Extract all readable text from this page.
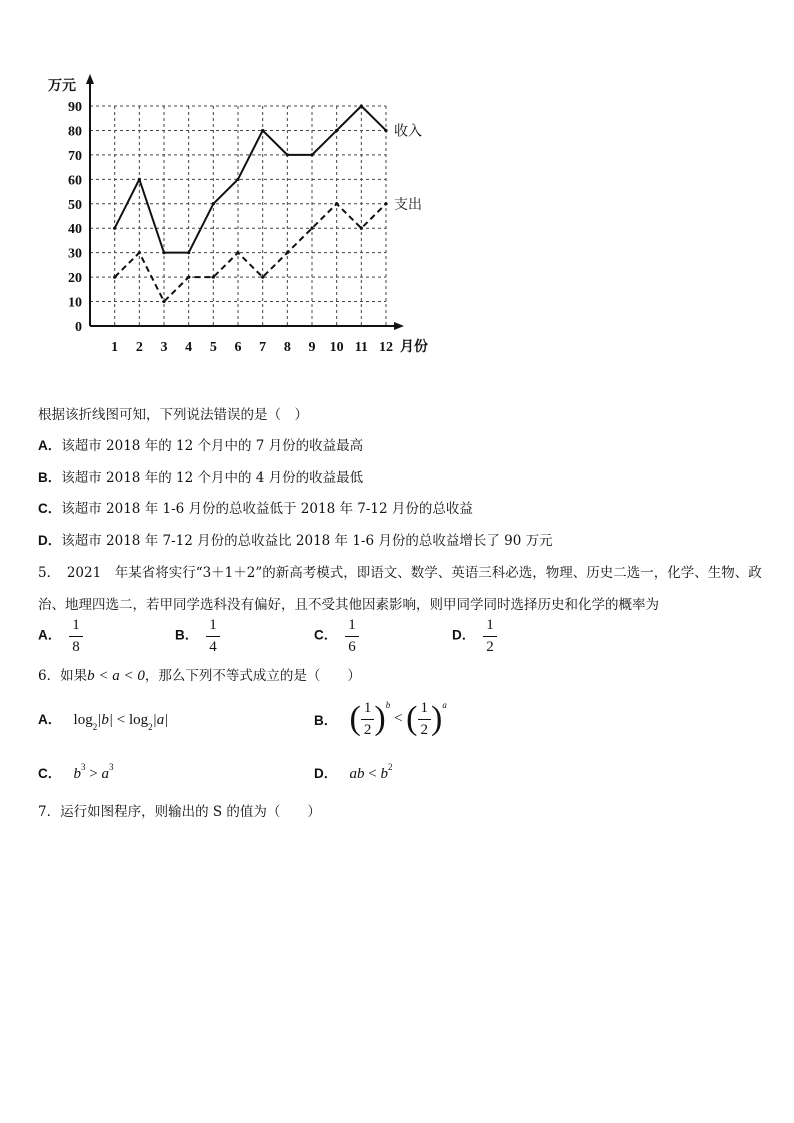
0
10
20
30
40
50
60
70
80
90
1 2 3 4 5 6 7 8 9 10 11 12
万元
月份
收入
支出
根据该折线图可知，下列说法错误的是（　）
A．该超市 2018 年的 12 个月中的 7 月份的收益最高
B．该超市 2018 年的 12 个月中的 4 月份的收益最低
C．该超市 2018 年 1-6 月份的总收益低于 2018 年 7-12 月份的总收益
D．该超市 2018 年 7-12 月份的总收益比 2018 年 1-6 月份的总收益增长了 90 万元
5．　2021　年某省将实行“3＋1＋2”的新高考模式，即语文、数学、英语三科必选，物理、历史二选一，化学、生物、政
治、地理四选二，若甲同学选科没有偏好，且不受其他因素影响，则甲同学同时选择历史和化学的概率为
A． $\frac{1}{8}$	B． $\frac{1}{4}$	C． $\frac{1}{6}$	D． $\frac{1}{2}$
6．如果b < a < 0，那么下列不等式成立的是（　　）
A． $\log_2|b| < \log_2|a|$	B． ( $\frac{1}{2}$ ) b
< ( $\frac{1}{2}$ ) a
C． $b^3 > a^3$	D． ab < $b^2$
7．运行如图程序，则输出的 S 的值为（　　）
